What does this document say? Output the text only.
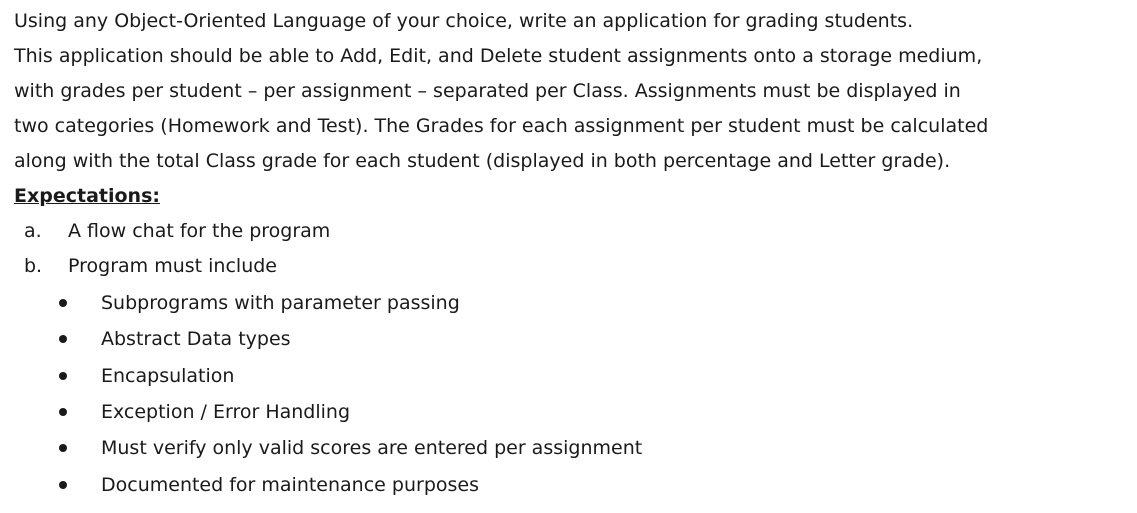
Using any Object-Oriented Language of your choice, write an application for grading students.
This application should be able to Add, Edit, and Delete student assignments onto a storage medium,
with grades per student – per assignment – separated per Class. Assignments must be displayed in
two categories (Homework and Test). The Grades for each assignment per student must be calculated
along with the total Class grade for each student (displayed in both percentage and Letter grade).

Expectations:

a.	A flow chat for the program
b.	Program must include
Subprograms with parameter passing
Abstract Data types
Encapsulation
Exception / Error Handling
Must verify only valid scores are entered per assignment
Documented for maintenance purposes
